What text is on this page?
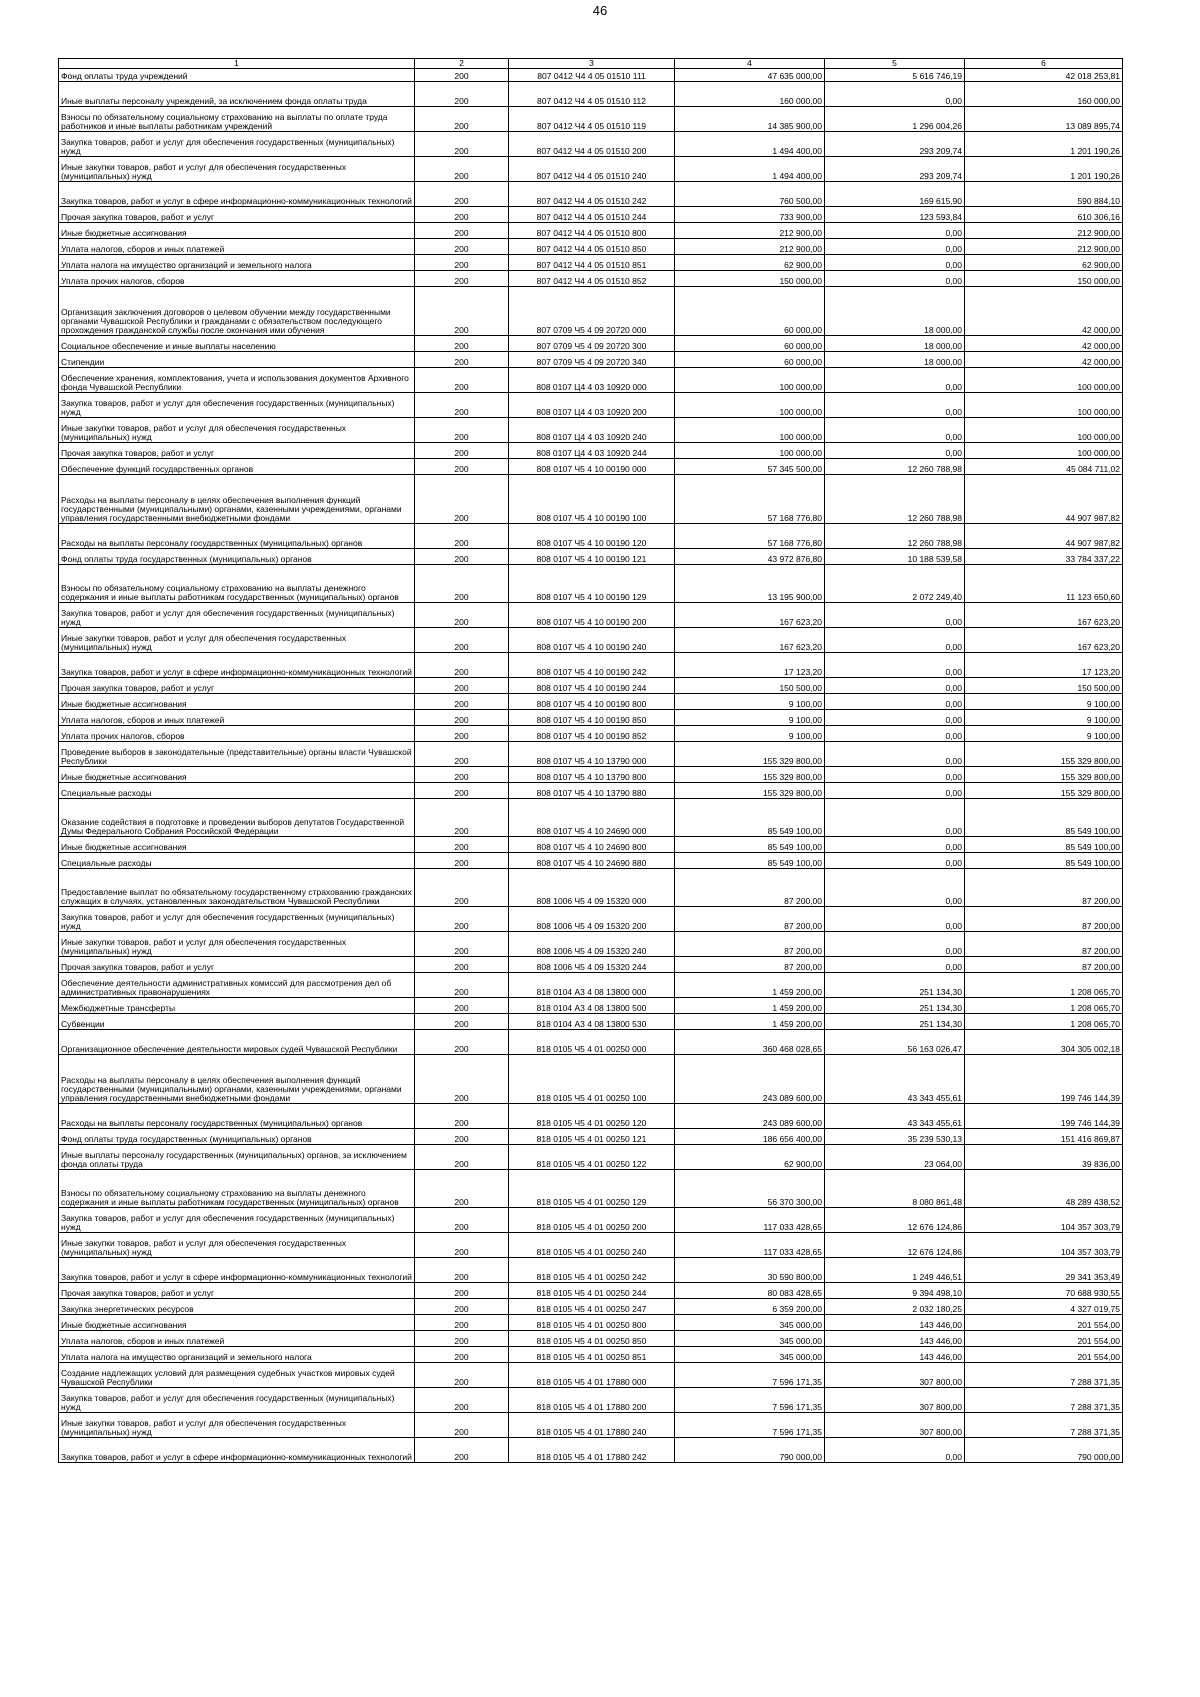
46
1	2	3	4	5	6
Фонд оплаты труда учреждений	200	807 0412 Ч4 4 05 01510 111	47 635 000,00	5 616 746,19	42 018 253,81
Иные выплаты персоналу учреждений, за исключением фонда оплаты труда	200	807 0412 Ч4 4 05 01510 112	160 000,00	0,00	160 000,00
Взносы по обязательному социальному страхованию на выплаты по оплате труда работников и иные выплаты работникам учреждений	200	807 0412 Ч4 4 05 01510 119	14 385 900,00	1 296 004,26	13 089 895,74
Закупка товаров, работ и услуг для обеспечения государственных (муниципальных) нужд	200	807 0412 Ч4 4 05 01510 200	1 494 400,00	293 209,74	1 201 190,26
Иные закупки товаров, работ и услуг для обеспечения государственных (муниципальных) нужд	200	807 0412 Ч4 4 05 01510 240	1 494 400,00	293 209,74	1 201 190,26
Закупка товаров, работ и услуг в сфере информационно-коммуникационных технологий	200	807 0412 Ч4 4 05 01510 242	760 500,00	169 615,90	590 884,10
Прочая закупка товаров, работ и услуг	200	807 0412 Ч4 4 05 01510 244	733 900,00	123 593,84	610 306,16
Иные бюджетные ассигнования	200	807 0412 Ч4 4 05 01510 800	212 900,00	0,00	212 900,00
Уплата налогов, сборов и иных платежей	200	807 0412 Ч4 4 05 01510 850	212 900,00	0,00	212 900,00
Уплата налога на имущество организаций и земельного налога	200	807 0412 Ч4 4 05 01510 851	62 900,00	0,00	62 900,00
Уплата прочих налогов, сборов	200	807 0412 Ч4 4 05 01510 852	150 000,00	0,00	150 000,00
Организация заключения договоров о целевом обучении между государственными органами Чувашской Республики и гражданами с обязательством последующего прохождения гражданской службы после окончания ими обучения	200	807 0709 Ч5 4 09 20720 000	60 000,00	18 000,00	42 000,00
Социальное обеспечение и иные выплаты населению	200	807 0709 Ч5 4 09 20720 300	60 000,00	18 000,00	42 000,00
Стипендии	200	807 0709 Ч5 4 09 20720 340	60 000,00	18 000,00	42 000,00
Обеспечение хранения, комплектования, учета и использования документов Архивного фонда Чувашской Республики	200	808 0107 Ц4 4 03 10920 000	100 000,00	0,00	100 000,00
Закупка товаров, работ и услуг для обеспечения государственных (муниципальных) нужд	200	808 0107 Ц4 4 03 10920 200	100 000,00	0,00	100 000,00
Иные закупки товаров, работ и услуг для обеспечения государственных (муниципальных) нужд	200	808 0107 Ц4 4 03 10920 240	100 000,00	0,00	100 000,00
Прочая закупка товаров, работ и услуг	200	808 0107 Ц4 4 03 10920 244	100 000,00	0,00	100 000,00
Обеспечение функций государственных органов	200	808 0107 Ч5 4 10 00190 000	57 345 500,00	12 260 788,98	45 084 711,02
Расходы на выплаты персоналу в целях обеспечения выполнения функций государственными (муниципальными) органами, казенными учреждениями, органами управления государственными внебюджетными фондами	200	808 0107 Ч5 4 10 00190 100	57 168 776,80	12 260 788,98	44 907 987,82
Расходы на выплаты персоналу государственных (муниципальных) органов	200	808 0107 Ч5 4 10 00190 120	57 168 776,80	12 260 788,98	44 907 987,82
Фонд оплаты труда государственных (муниципальных) органов	200	808 0107 Ч5 4 10 00190 121	43 972 876,80	10 188 539,58	33 784 337,22
Взносы по обязательному социальному страхованию на выплаты денежного содержания и иные выплаты работникам государственных (муниципальных) органов	200	808 0107 Ч5 4 10 00190 129	13 195 900,00	2 072 249,40	11 123 650,60
Закупка товаров, работ и услуг для обеспечения государственных (муниципальных) нужд	200	808 0107 Ч5 4 10 00190 200	167 623,20	0,00	167 623,20
Иные закупки товаров, работ и услуг для обеспечения государственных (муниципальных) нужд	200	808 0107 Ч5 4 10 00190 240	167 623,20	0,00	167 623,20
Закупка товаров, работ и услуг в сфере информационно-коммуникационных технологий	200	808 0107 Ч5 4 10 00190 242	17 123,20	0,00	17 123,20
Прочая закупка товаров, работ и услуг	200	808 0107 Ч5 4 10 00190 244	150 500,00	0,00	150 500,00
Иные бюджетные ассигнования	200	808 0107 Ч5 4 10 00190 800	9 100,00	0,00	9 100,00
Уплата налогов, сборов и иных платежей	200	808 0107 Ч5 4 10 00190 850	9 100,00	0,00	9 100,00
Уплата прочих налогов, сборов	200	808 0107 Ч5 4 10 00190 852	9 100,00	0,00	9 100,00
Проведение выборов в законодательные (представительные) органы власти Чувашской Республики	200	808 0107 Ч5 4 10 13790 000	155 329 800,00	0,00	155 329 800,00
Иные бюджетные ассигнования	200	808 0107 Ч5 4 10 13790 800	155 329 800,00	0,00	155 329 800,00
Специальные расходы	200	808 0107 Ч5 4 10 13790 880	155 329 800,00	0,00	155 329 800,00
Оказание содействия в подготовке и проведении выборов депутатов Государственной Думы Федерального Собрания Российской Федерации	200	808 0107 Ч5 4 10 24690 000	85 549 100,00	0,00	85 549 100,00
Иные бюджетные ассигнования	200	808 0107 Ч5 4 10 24690 800	85 549 100,00	0,00	85 549 100,00
Специальные расходы	200	808 0107 Ч5 4 10 24690 880	85 549 100,00	0,00	85 549 100,00
Предоставление выплат по обязательному государственному страхованию гражданских служащих в случаях, установленных законодательством Чувашской Республики	200	808 1006 Ч5 4 09 15320 000	87 200,00	0,00	87 200,00
Закупка товаров, работ и услуг для обеспечения государственных (муниципальных) нужд	200	808 1006 Ч5 4 09 15320 200	87 200,00	0,00	87 200,00
Иные закупки товаров, работ и услуг для обеспечения государственных (муниципальных) нужд	200	808 1006 Ч5 4 09 15320 240	87 200,00	0,00	87 200,00
Прочая закупка товаров, работ и услуг	200	808 1006 Ч5 4 09 15320 244	87 200,00	0,00	87 200,00
Обеспечение деятельности административных комиссий для рассмотрения дел об административных правонарушениях	200	818 0104 А3 4 08 13800 000	1 459 200,00	251 134,30	1 208 065,70
Межбюджетные трансферты	200	818 0104 А3 4 08 13800 500	1 459 200,00	251 134,30	1 208 065,70
Субвенции	200	818 0104 А3 4 08 13800 530	1 459 200,00	251 134,30	1 208 065,70
Организационное обеспечение деятельности мировых судей Чувашской Республики	200	818 0105 Ч5 4 01 00250 000	360 468 028,65	56 163 026,47	304 305 002,18
Расходы на выплаты персоналу в целях обеспечения выполнения функций государственными (муниципальными) органами, казенными учреждениями, органами управления государственными внебюджетными фондами	200	818 0105 Ч5 4 01 00250 100	243 089 600,00	43 343 455,61	199 746 144,39
Расходы на выплаты персоналу государственных (муниципальных) органов	200	818 0105 Ч5 4 01 00250 120	243 089 600,00	43 343 455,61	199 746 144,39
Фонд оплаты труда государственных (муниципальных) органов	200	818 0105 Ч5 4 01 00250 121	186 656 400,00	35 239 530,13	151 416 869,87
Иные выплаты персоналу государственных (муниципальных) органов, за исключением фонда оплаты труда	200	818 0105 Ч5 4 01 00250 122	62 900,00	23 064,00	39 836,00
Взносы по обязательному социальному страхованию на выплаты денежного содержания и иные выплаты работникам государственных (муниципальных) органов	200	818 0105 Ч5 4 01 00250 129	56 370 300,00	8 080 861,48	48 289 438,52
Закупка товаров, работ и услуг для обеспечения государственных (муниципальных) нужд	200	818 0105 Ч5 4 01 00250 200	117 033 428,65	12 676 124,86	104 357 303,79
Иные закупки товаров, работ и услуг для обеспечения государственных (муниципальных) нужд	200	818 0105 Ч5 4 01 00250 240	117 033 428,65	12 676 124,86	104 357 303,79
Закупка товаров, работ и услуг в сфере информационно-коммуникационных технологий	200	818 0105 Ч5 4 01 00250 242	30 590 800,00	1 249 446,51	29 341 353,49
Прочая закупка товаров, работ и услуг	200	818 0105 Ч5 4 01 00250 244	80 083 428,65	9 394 498,10	70 688 930,55
Закупка энергетических ресурсов	200	818 0105 Ч5 4 01 00250 247	6 359 200,00	2 032 180,25	4 327 019,75
Иные бюджетные ассигнования	200	818 0105 Ч5 4 01 00250 800	345 000,00	143 446,00	201 554,00
Уплата налогов, сборов и иных платежей	200	818 0105 Ч5 4 01 00250 850	345 000,00	143 446,00	201 554,00
Уплата налога на имущество организаций и земельного налога	200	818 0105 Ч5 4 01 00250 851	345 000,00	143 446,00	201 554,00
Создание надлежащих условий для размещения судебных участков мировых судей Чувашской Республики	200	818 0105 Ч5 4 01 17880 000	7 596 171,35	307 800,00	7 288 371,35
Закупка товаров, работ и услуг для обеспечения государственных (муниципальных) нужд	200	818 0105 Ч5 4 01 17880 200	7 596 171,35	307 800,00	7 288 371,35
Иные закупки товаров, работ и услуг для обеспечения государственных (муниципальных) нужд	200	818 0105 Ч5 4 01 17880 240	7 596 171,35	307 800,00	7 288 371,35
Закупка товаров, работ и услуг в сфере информационно-коммуникационных технологий	200	818 0105 Ч5 4 01 17880 242	790 000,00	0,00	790 000,00
